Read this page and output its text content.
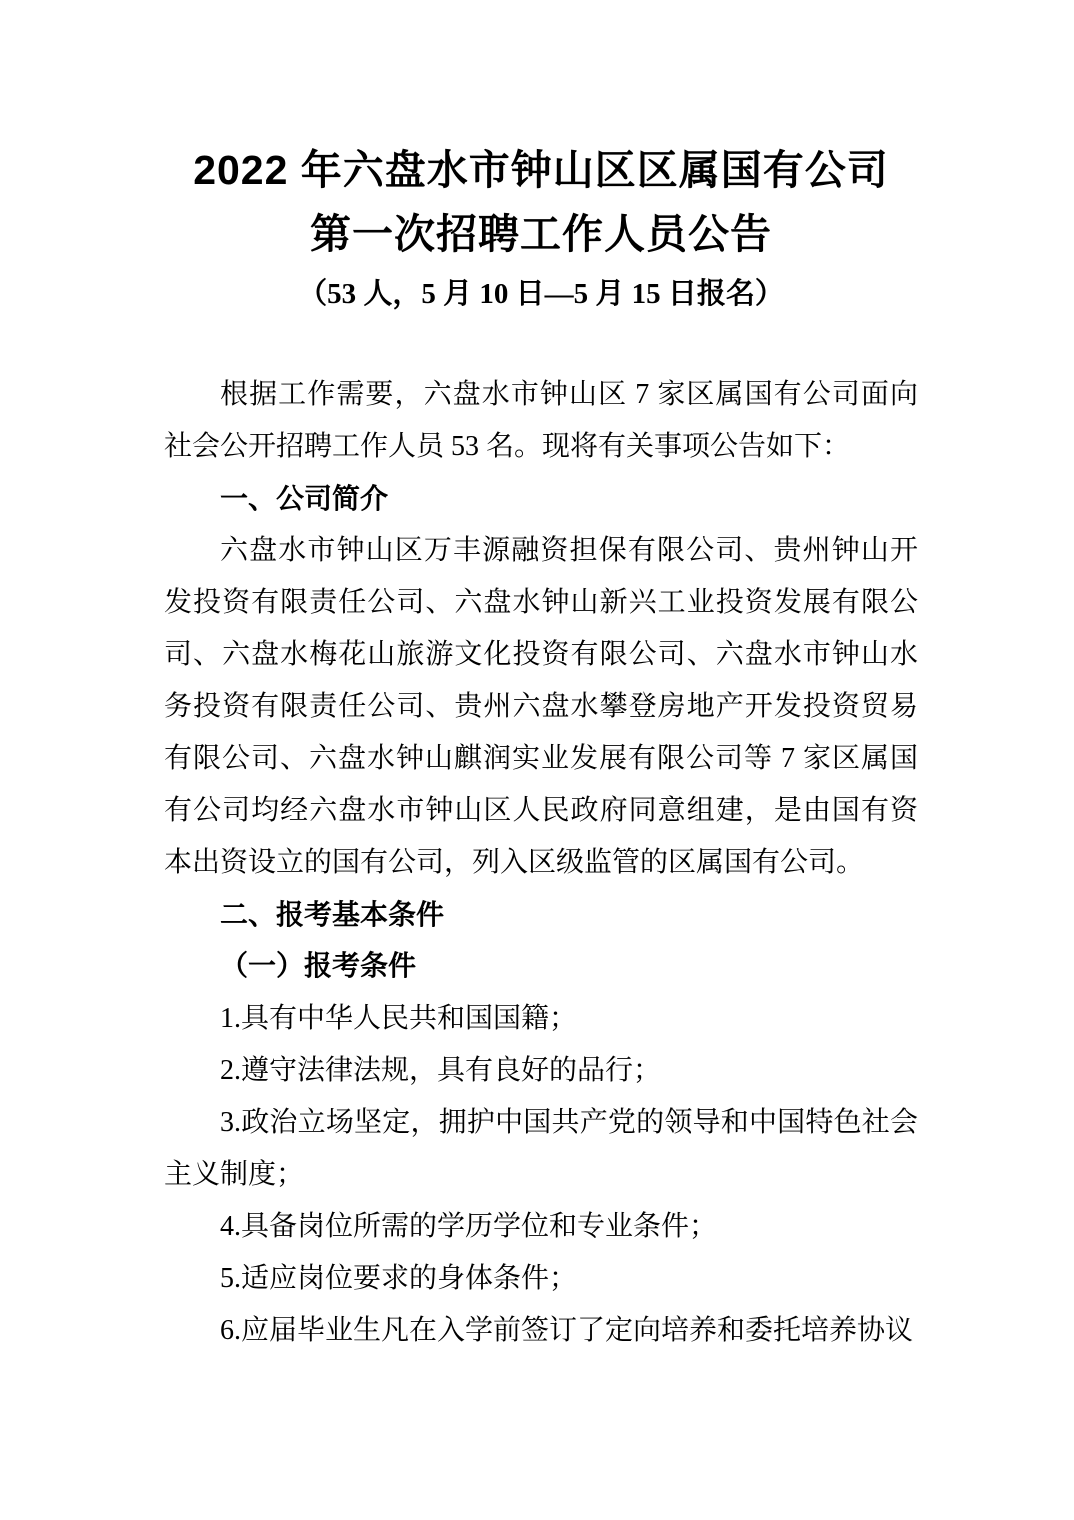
2022 年六盘水市钟山区区属国有公司
第一次招聘工作人员公告

（53 人，5 月 10 日—5 月 15 日报名）

根据工作需要，六盘水市钟山区 7 家区属国有公司面向社会公开招聘工作人员 53 名。现将有关事项公告如下：

一、公司简介

六盘水市钟山区万丰源融资担保有限公司、贵州钟山开发投资有限责任公司、六盘水钟山新兴工业投资发展有限公司、六盘水梅花山旅游文化投资有限公司、六盘水市钟山水务投资有限责任公司、贵州六盘水攀登房地产开发投资贸易有限公司、六盘水钟山麒润实业发展有限公司等 7 家区属国有公司均经六盘水市钟山区人民政府同意组建，是由国有资本出资设立的国有公司，列入区级监管的区属国有公司。

二、报考基本条件
（一）报考条件

1.具有中华人民共和国国籍；

2.遵守法律法规，具有良好的品行；

3.政治立场坚定，拥护中国共产党的领导和中国特色社会主义制度；

4.具备岗位所需的学历学位和专业条件；

5.适应岗位要求的身体条件；

6.应届毕业生凡在入学前签订了定向培养和委托培养协议
